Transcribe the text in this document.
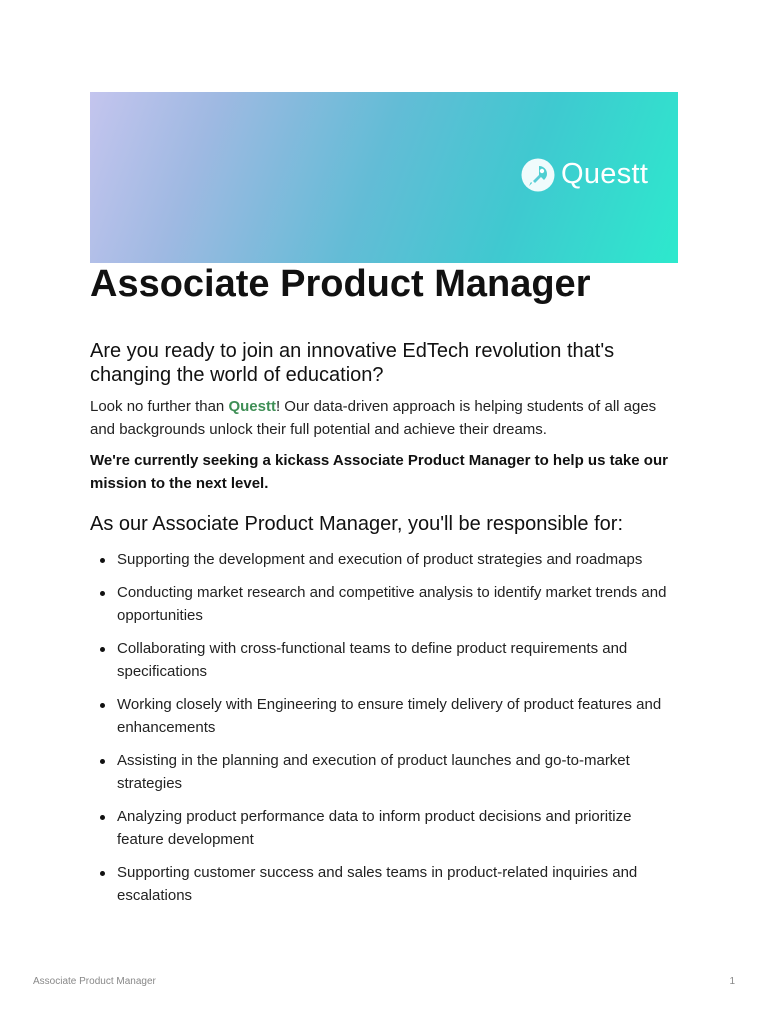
Questt
Associate Product Manager
Are you ready to join an innovative EdTech revolution that's changing the world of education?

Look no further than Questt! Our data-driven approach is helping students of all ages and backgrounds unlock their full potential and achieve their dreams.

We're currently seeking a kickass Associate Product Manager to help us take our mission to the next level.

As our Associate Product Manager, you'll be responsible for:
Supporting the development and execution of product strategies and roadmaps
Conducting market research and competitive analysis to identify market trends and opportunities
Collaborating with cross-functional teams to define product requirements and specifications
Working closely with Engineering to ensure timely delivery of product features and enhancements
Assisting in the planning and execution of product launches and go-to-market strategies
Analyzing product performance data to inform product decisions and prioritize feature development
Supporting customer success and sales teams in product-related inquiries and escalations
Associate Product Manager	1
